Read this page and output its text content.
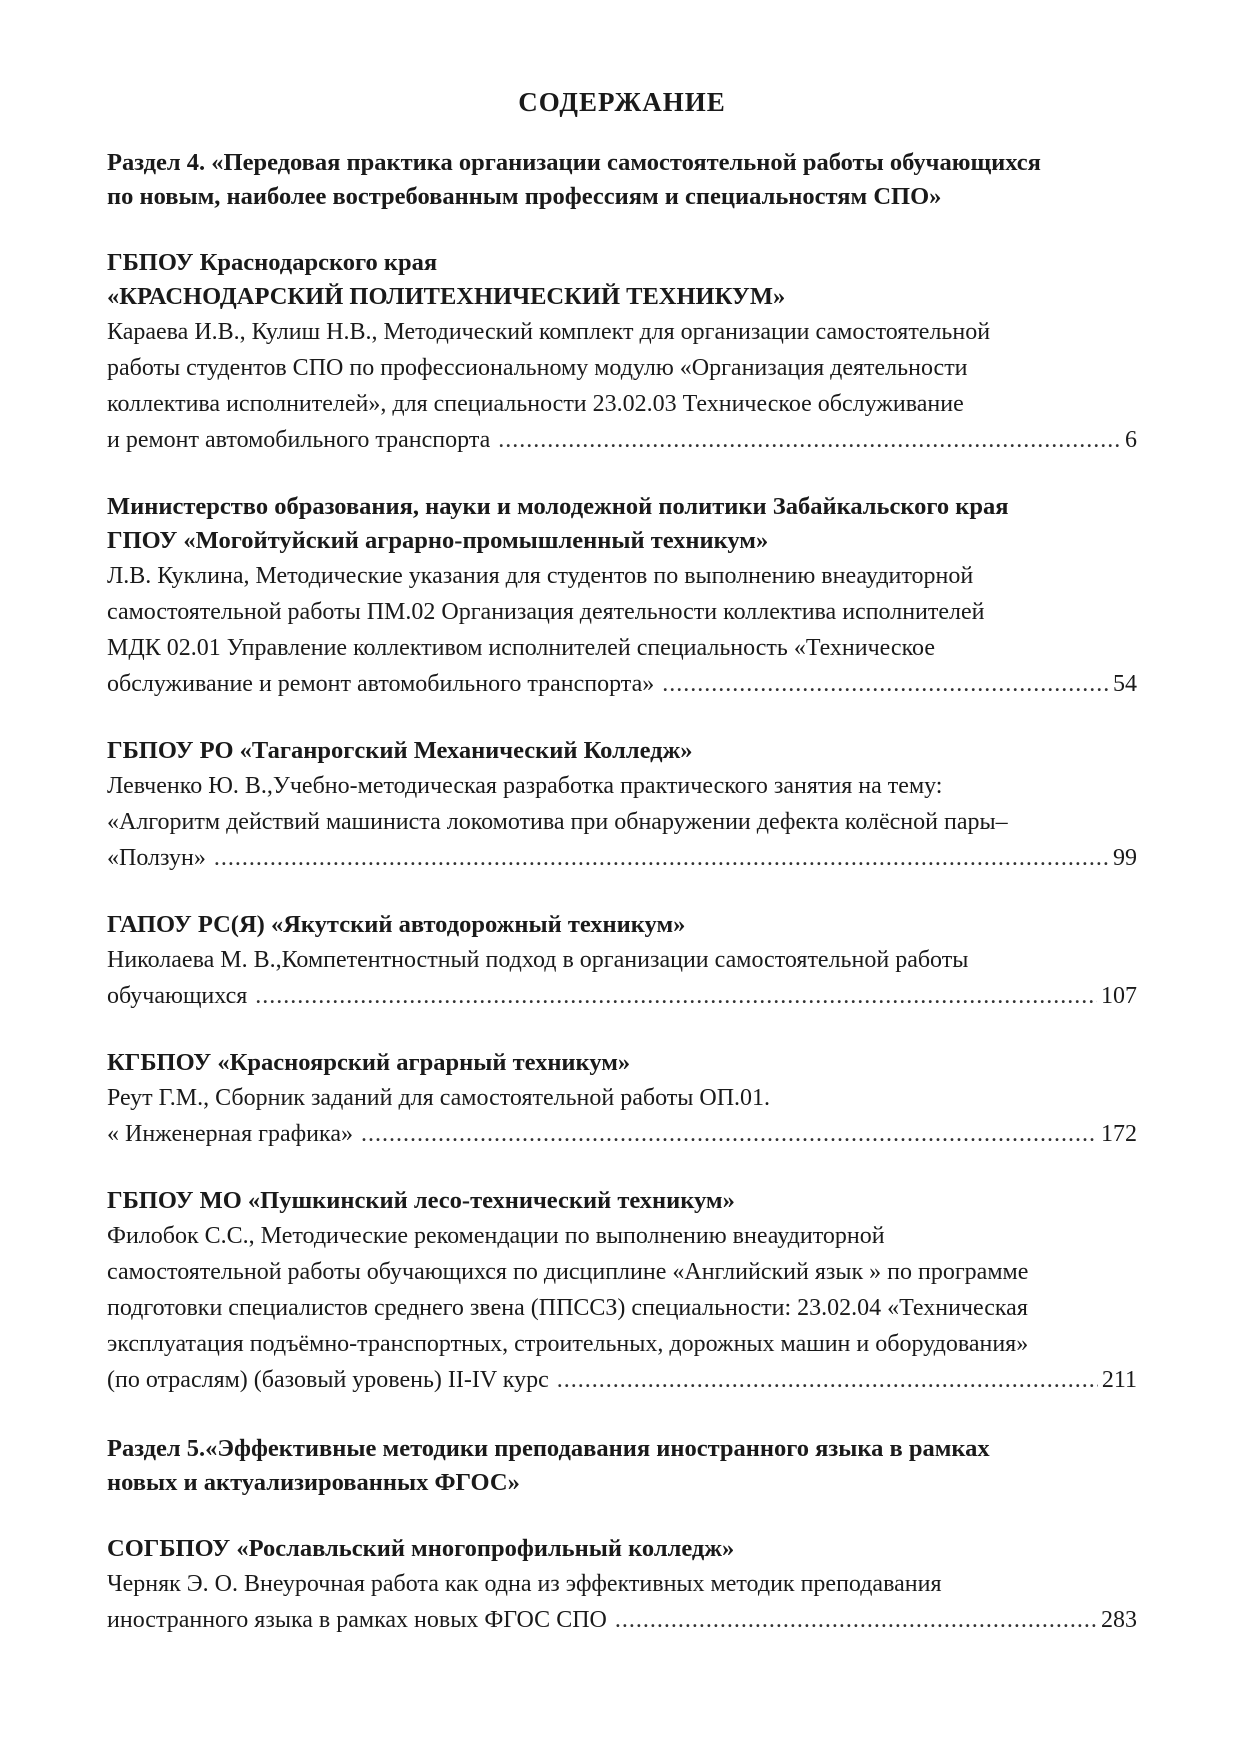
СОДЕРЖАНИЕ
Раздел 4. «Передовая практика организации самостоятельной работы обучающихся
по новым, наиболее востребованным профессиям и специальностям СПО»
ГБПОУ Краснодарского края
«КРАСНОДАРСКИЙ ПОЛИТЕХНИЧЕСКИЙ ТЕХНИКУМ»
Караева И.В., Кулиш Н.В., Методический комплект для организации самостоятельной
работы студентов СПО по профессиональному модулю «Организация деятельности
коллектива исполнителей», для специальности 23.02.03 Техническое обслуживание
и ремонт автомобильного транспорта .....	6
Министерство образования, науки и молодежной политики Забайкальского края
ГПОУ «Могойтуйский аграрно-промышленный техникум»
Л.В. Куклина, Методические указания для студентов по выполнению внеаудиторной
самостоятельной работы ПМ.02 Организация деятельности коллектива исполнителей
МДК 02.01 Управление коллективом исполнителей специальность «Техническое
обслуживание и ремонт автомобильного транспорта» .....	54
ГБПОУ РО «Таганрогский Механический Колледж»
Левченко Ю. В.,Учебно-методическая разработка практического занятия на тему:
«Алгоритм действий машиниста локомотива при обнаружении дефекта колёсной пары–
«Ползун» .....	99
ГАПОУ РС(Я) «Якутский автодорожный техникум»
Николаева М. В.,Компетентностный подход в организации самостоятельной работы
обучающихся .....	107
КГБПОУ «Красноярский аграрный техникум»
Реут Г.М., Сборник заданий для самостоятельной работы ОП.01.
« Инженерная графика» .....	172
ГБПОУ МО «Пушкинский лесо-технический техникум»
Филобок С.С., Методические рекомендации по выполнению внеаудиторной
самостоятельной работы обучающихся по дисциплине «Английский язык » по программе
подготовки специалистов среднего звена (ППССЗ) специальности: 23.02.04 «Техническая
эксплуатация подъёмно-транспортных, строительных, дорожных машин и оборудования»
(по отраслям) (базовый уровень) II-IV курс .....	211
Раздел 5.«Эффективные методики преподавания иностранного языка в рамках
новых и актуализированных ФГОС»
СОГБПОУ «Рославльский многопрофильный колледж»
Черняк Э. О. Внеурочная работа как одна из эффективных методик преподавания
иностранного языка в рамках новых ФГОС СПО .....	283
